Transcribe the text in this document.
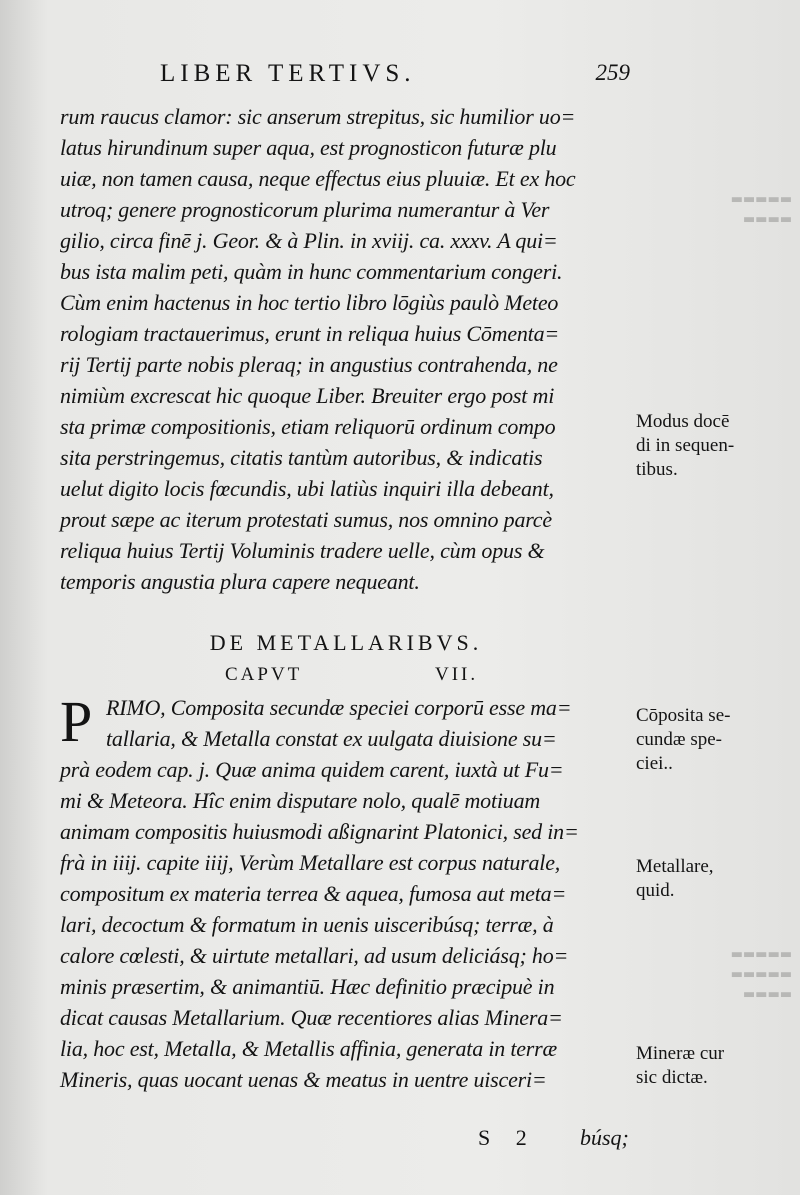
▬▬▬▬▬
▬▬▬▬
▬▬▬▬▬
▬▬▬▬▬
▬▬▬▬
LIBER TERTIVS.	259
rum raucus clamor: sic anserum strepitus, sic humilior uo=
latus hirundinum super aqua, est prognosticon futuræ plu
uiæ, non tamen causa, neque effectus eius pluuiæ. Et ex hoc
utroq; genere prognosticorum plurima numerantur à Ver
gilio, circa finē j. Geor. & à Plin. in xviij. ca. xxxv. A qui=
bus ista malim peti, quàm in hunc commentarium congeri.
Cùm enim hactenus in hoc tertio libro lōgiùs paulò Meteo
rologiam tractauerimus, erunt in reliqua huius Cōmenta=
rij Tertij parte nobis pleraq; in angustius contrahenda, ne
nimiùm excrescat hic quoque Liber. Breuiter ergo post mi
sta primæ compositionis, etiam reliquorū ordinum compo
sita perstringemus, citatis tantùm autoribus, & indicatis
uelut digito locis fœcundis, ubi latiùs inquiri illa debeant,
prout sæpe ac iterum protestati sumus, nos omnino parcè
reliqua huius Tertij Voluminis tradere uelle, cùm opus &
temporis angustia plura capere nequeant.
DE METALLARIBVS.
CAPVT	VII.
P RIMO, Composita secundæ speciei corporū esse ma=
tallaria, & Metalla constat ex uulgata diuisione su=
prà eodem cap. j. Quæ anima quidem carent, iuxtà ut Fu=
mi & Meteora. Hîc enim disputare nolo, qualē motiuam
animam compositis huiusmodi aßignarint Platonici, sed in=
frà in iiij. capite iiij, Verùm Metallare est corpus naturale,
compositum ex materia terrea & aquea, fumosa aut meta=
lari, decoctum & formatum in uenis uisceribúsq; terræ, à
calore cœlesti, & uirtute metallari, ad usum deliciásq; ho=
minis præsertim, & animantiū. Hæc definitio præcipuè in
dicat causas Metallarium. Quæ recentiores alias Minera=
lia, hoc est, Metalla, & Metallis affinia, generata in terræ
Mineris, quas uocant uenas & meatus in uentre uisceri=
Modus docē
di in sequen-
tibus.
Cōposita se-
cundæ spe-
ciei..
Metallare,
quid.
Mineræ cur
sic dictæ.
S 2 búsq;
